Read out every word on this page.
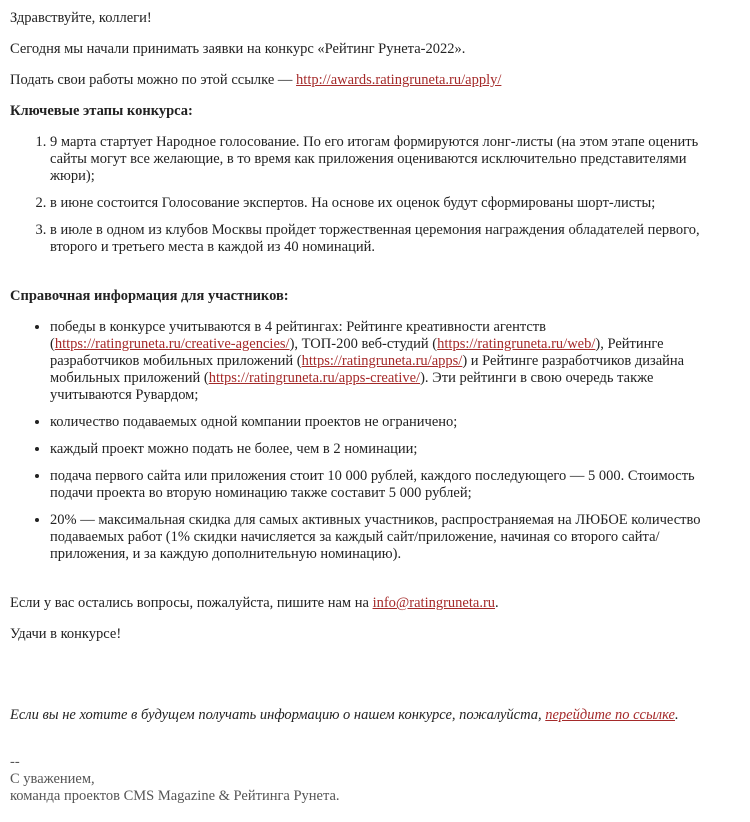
Здравствуйте, коллеги!

Сегодня мы начали принимать заявки на конкурс «Рейтинг Рунета-2022».

Подать свои работы можно по этой ссылке — http://awards.ratingruneta.ru/apply/

Ключевые этапы конкурса:

1. 9 марта стартует Народное голосование. По его итогам формируются лонг-листы (на этом этапе оценить сайты могут все желающие, в то время как приложения оцениваются исключительно представителями жюри);
2. в июне состоится Голосование экспертов. На основе их оценок будут сформированы шорт-листы;
3. в июле в одном из клубов Москвы пройдет торжественная церемония награждения обладателей первого, второго и третьего места в каждой из 40 номинаций.

Справочная информация для участников:

• победы в конкурсе учитываются в 4 рейтингах: Рейтинге креативности агентств (https://ratingruneta.ru/creative-agencies/), ТОП-200 веб-студий (https://ratingruneta.ru/web/), Рейтинге разработчиков мобильных приложений (https://ratingruneta.ru/apps/) и Рейтинге разработчиков дизайна мобильных приложений (https://ratingruneta.ru/apps-creative/). Эти рейтинги в свою очередь также учитываются Рувардом;
• количество подаваемых одной компании проектов не ограничено;
• каждый проект можно подать не более, чем в 2 номинации;
• подача первого сайта или приложения стоит 10 000 рублей, каждого последующего — 5 000. Стоимость подачи проекта во вторую номинацию также составит 5 000 рублей;
• 20% — максимальная скидка для самых активных участников, распространяемая на ЛЮБОЕ количество подаваемых работ (1% скидки начисляется за каждый сайт/приложение, начиная со второго сайта/приложения, и за каждую дополнительную номинацию).

Если у вас остались вопросы, пожалуйста, пишите нам на info@ratingruneta.ru.

Удачи в конкурсе!

Если вы не хотите в будущем получать информацию о нашем конкурсе, пожалуйста, перейдите по ссылке.

--

С уважением,

команда проектов CMS Magazine & Рейтинга Рунета.
